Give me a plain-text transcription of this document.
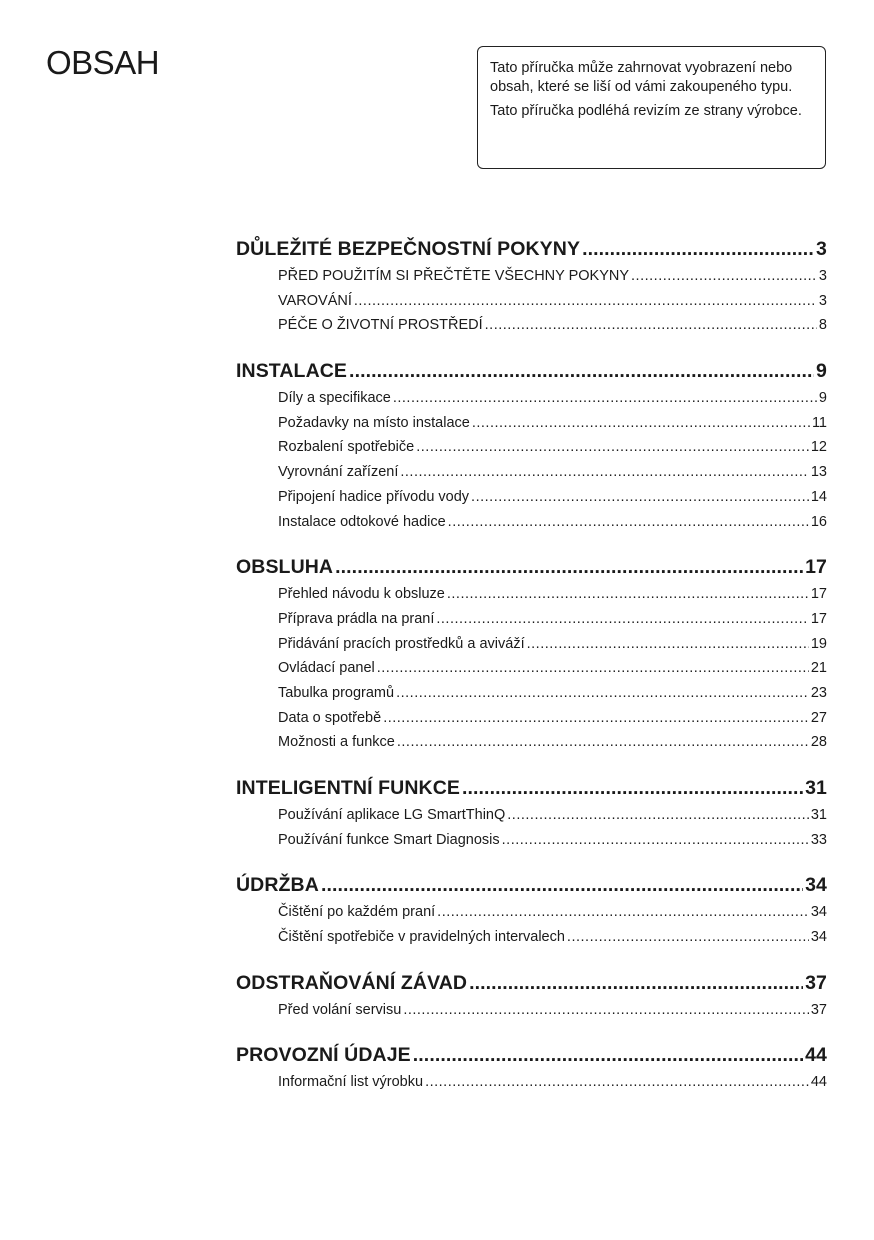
OBSAH	Tato příručka může zahrnovat vyobrazení nebo obsah, které se liší od vámi zakoupeného typu.

Tato příručka podléhá revizím ze strany výrobce.

DŮLEŽITÉ BEZPEČNOSTNÍ POKYNY .....	3
PŘED POUŽITÍM SI PŘEČTĚTE VŠECHNY POKYNY .....	3
VAROVÁNÍ .....	3
PÉČE O ŽIVOTNÍ PROSTŘEDÍ .....	8
INSTALACE .....	9
Díly a specifikace .....	9
Požadavky na místo instalace .....	11
Rozbalení spotřebiče .....	12
Vyrovnání zařízení .....	13
Připojení hadice přívodu vody .....	14
Instalace odtokové hadice .....	16
OBSLUHA .....	17
Přehled návodu k obsluze .....	17
Příprava prádla na praní .....	17
Přidávání pracích prostředků a aviváží .....	19
Ovládací panel .....	21
Tabulka programů .....	23
Data o spotřebě .....	27
Možnosti a funkce .....	28
INTELIGENTNÍ FUNKCE .....	31
Používání aplikace LG SmartThinQ .....	31
Používání funkce Smart Diagnosis .....	33
ÚDRŽBA .....	34
Čištění po každém praní .....	34
Čištění spotřebiče v pravidelných intervalech .....	34
ODSTRAŇOVÁNÍ ZÁVAD .....	37
Před volání servisu .....	37
PROVOZNÍ ÚDAJE .....	44
Informační list výrobku .....	44
